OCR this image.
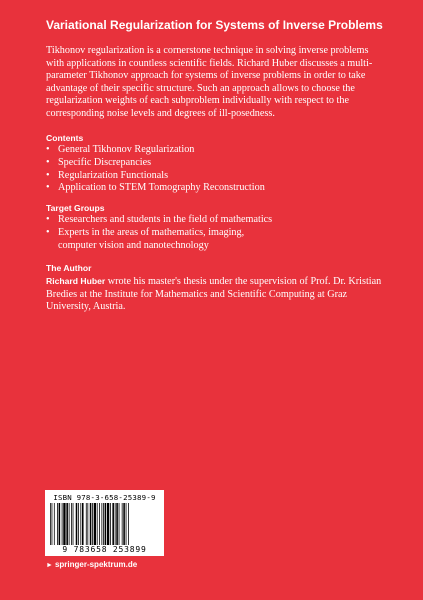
Variational Regularization for Systems of Inverse Problems
Tikhonov regularization is a cornerstone technique in solving inverse problems with applications in countless scientific fields. Richard Huber discusses a multi-parameter Tikhonov approach for systems of inverse problems in order to take advantage of their specific structure. Such an approach allows to choose the regularization weights of each subproblem individually with respect to the corresponding noise levels and degrees of ill-posedness.
Contents
• General Tikhonov Regularization
• Specific Discrepancies
• Regularization Functionals
• Application to STEM Tomography Reconstruction
Target Groups
• Researchers and students in the field of mathematics
• Experts in the areas of mathematics, imaging, computer vision and nanotechnology
The Author
Richard Huber wrote his master's thesis under the supervision of Prof. Dr. Kristian Bredies at the Institute for Mathematics and Scientific Computing at Graz University, Austria.
ISBN 978-3-658-25389-9
9 783658 253899
► springer-spektrum.de
